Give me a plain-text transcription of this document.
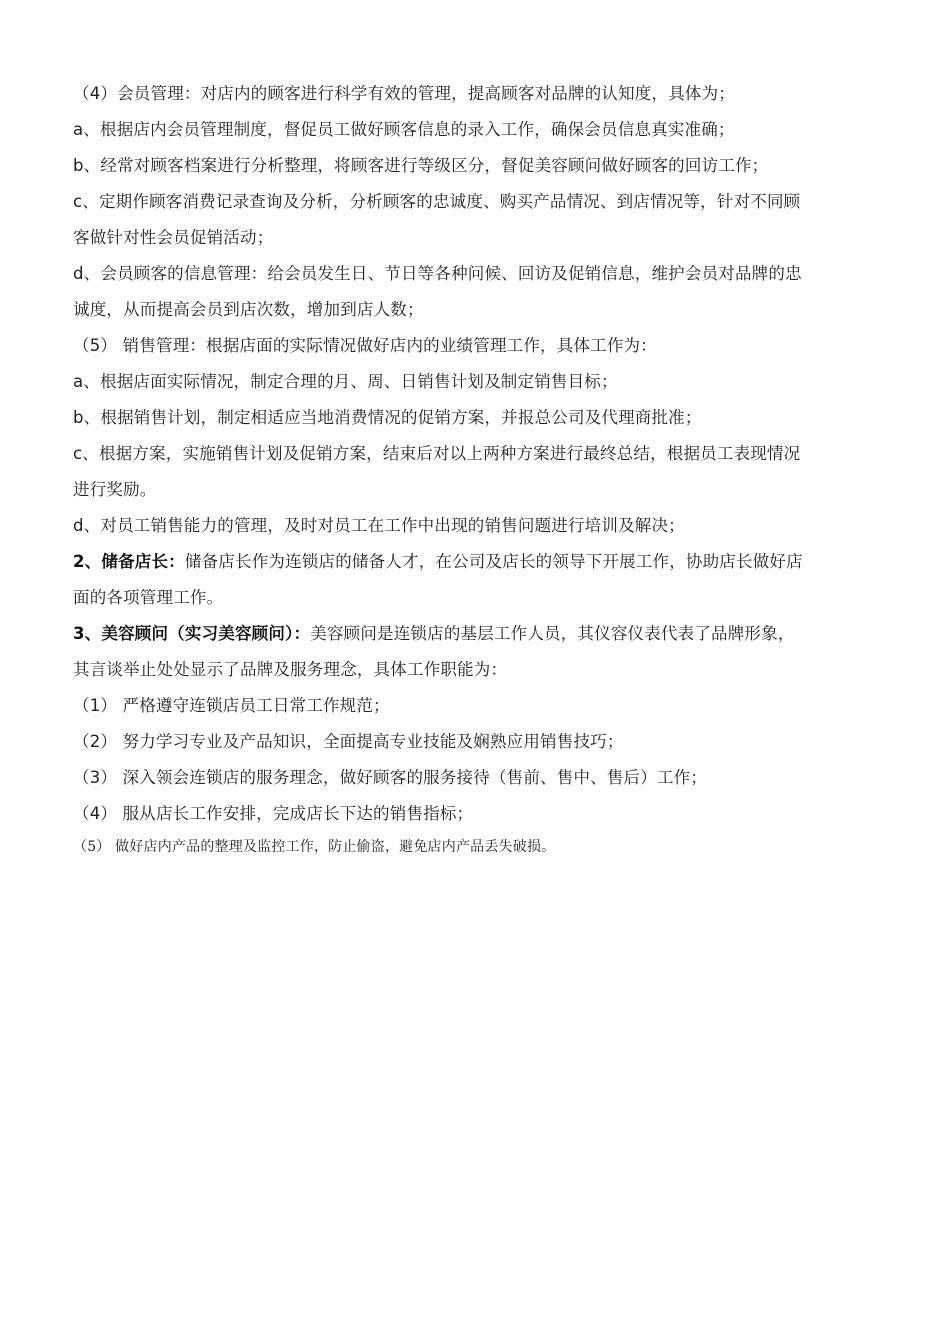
（4）会员管理：对店内的顾客进行科学有效的管理，提高顾客对品牌的认知度，具体为；
a、根据店内会员管理制度，督促员工做好顾客信息的录入工作，确保会员信息真实准确；
b、经常对顾客档案进行分析整理，将顾客进行等级区分，督促美容顾问做好顾客的回访工作；
c、定期作顾客消费记录查询及分析，分析顾客的忠诚度、购买产品情况、到店情况等，针对不同顾
客做针对性会员促销活动；
d、会员顾客的信息管理：给会员发生日、节日等各种问候、回访及促销信息，维护会员对品牌的忠
诚度，从而提高会员到店次数，增加到店人数；
（5） 销售管理：根据店面的实际情况做好店内的业绩管理工作，具体工作为：
a、根据店面实际情况，制定合理的月、周、日销售计划及制定销售目标；
b、根据销售计划，制定相适应当地消费情况的促销方案，并报总公司及代理商批准；
c、根据方案，实施销售计划及促销方案，结束后对以上两种方案进行最终总结，根据员工表现情况
进行奖励。
d、对员工销售能力的管理，及时对员工在工作中出现的销售问题进行培训及解决；
2、储备店长：储备店长作为连锁店的储备人才，在公司及店长的领导下开展工作，协助店长做好店
面的各项管理工作。
3、美容顾问（实习美容顾问）：美容顾问是连锁店的基层工作人员，其仪容仪表代表了品牌形象，
其言谈举止处处显示了品牌及服务理念，具体工作职能为：
（1） 严格遵守连锁店员工日常工作规范；
（2） 努力学习专业及产品知识，全面提高专业技能及娴熟应用销售技巧；
（3） 深入领会连锁店的服务理念，做好顾客的服务接待（售前、售中、售后）工作；
（4） 服从店长工作安排，完成店长下达的销售指标；
（5） 做好店内产品的整理及监控工作，防止偷盗，避免店内产品丢失破损。
